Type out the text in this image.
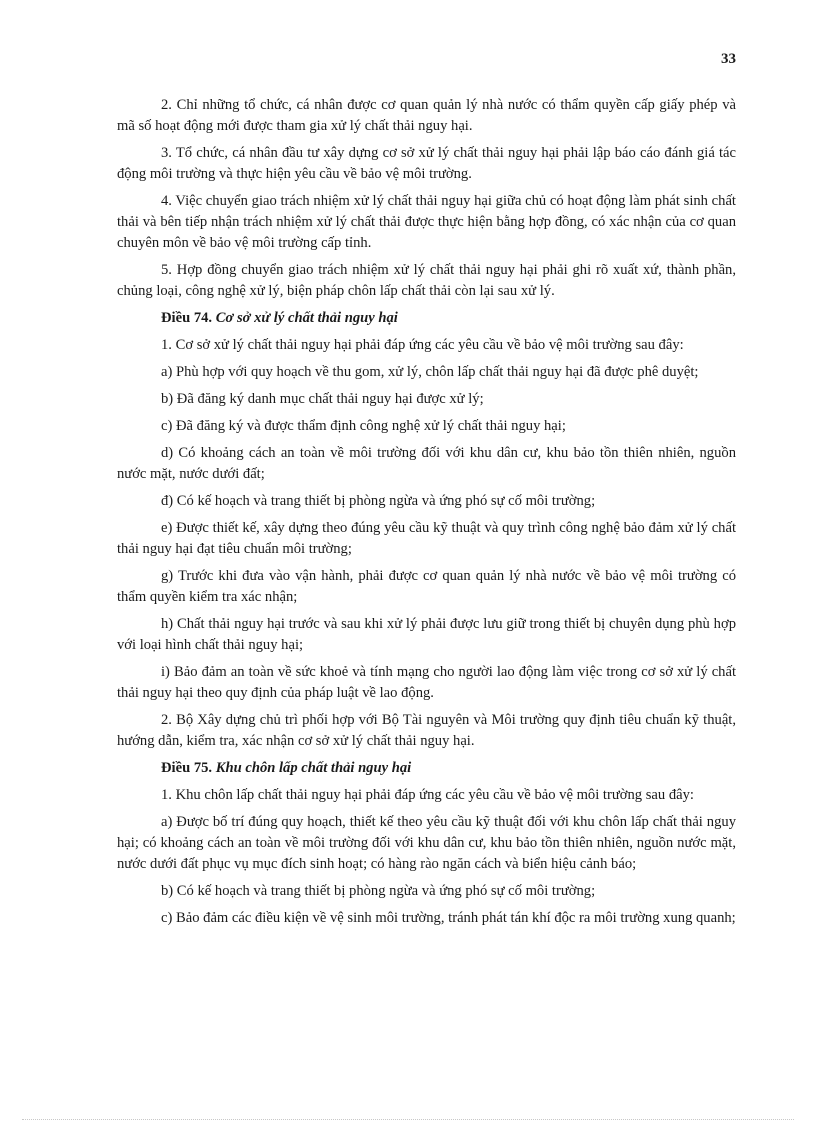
33

2. Chỉ những tổ chức, cá nhân được cơ quan quản lý nhà nước có thẩm quyền cấp giấy phép và mã số hoạt động mới được tham gia xử lý chất thải nguy hại.

3. Tổ chức, cá nhân đầu tư xây dựng cơ sở xử lý chất thải nguy hại phải lập báo cáo đánh giá tác động môi trường và thực hiện yêu cầu về bảo vệ môi trường.

4. Việc chuyển giao trách nhiệm xử lý chất thải nguy hại giữa chủ có hoạt động làm phát sinh chất thải và bên tiếp nhận trách nhiệm xử lý chất thải được thực hiện bằng hợp đồng, có xác nhận của cơ quan chuyên môn về bảo vệ môi trường cấp tỉnh.

5. Hợp đồng chuyển giao trách nhiệm xử lý chất thải nguy hại phải ghi rõ xuất xứ, thành phần, chủng loại, công nghệ xử lý, biện pháp chôn lấp chất thải còn lại sau xử lý.

Điều 74. Cơ sở xử lý chất thải nguy hại

1. Cơ sở xử lý chất thải nguy hại phải đáp ứng các yêu cầu về bảo vệ môi trường sau đây:

a) Phù hợp với quy hoạch về thu gom, xử lý, chôn lấp chất thải nguy hại đã được phê duyệt;

b) Đã đăng ký danh mục chất thải nguy hại được xử lý;

c) Đã đăng ký và được thẩm định công nghệ xử lý chất thải nguy hại;

d) Có khoảng cách an toàn về môi trường đối với khu dân cư, khu bảo tồn thiên nhiên, nguồn nước mặt, nước dưới đất;

đ) Có kế hoạch và trang thiết bị phòng ngừa và ứng phó sự cố môi trường;

e) Được thiết kế, xây dựng theo đúng yêu cầu kỹ thuật và quy trình công nghệ bảo đảm xử lý chất thải nguy hại đạt tiêu chuẩn môi trường;

g) Trước khi đưa vào vận hành, phải được cơ quan quản lý nhà nước về bảo vệ môi trường có thẩm quyền kiểm tra xác nhận;

h) Chất thải nguy hại trước và sau khi xử lý phải được lưu giữ trong thiết bị chuyên dụng phù hợp với loại hình chất thải nguy hại;

i) Bảo đảm an toàn về sức khoẻ và tính mạng cho người lao động làm việc trong cơ sở xử lý chất thải nguy hại theo quy định của pháp luật về lao động.

2. Bộ Xây dựng chủ trì phối hợp với Bộ Tài nguyên và Môi trường quy định tiêu chuẩn kỹ thuật, hướng dẫn, kiểm tra, xác nhận cơ sở xử lý chất thải nguy hại.

Điều 75. Khu chôn lấp chất thải nguy hại

1. Khu chôn lấp chất thải nguy hại phải đáp ứng các yêu cầu về bảo vệ môi trường sau đây:

a) Được bố trí đúng quy hoạch, thiết kế theo yêu cầu kỹ thuật đối với khu chôn lấp chất thải nguy hại; có khoảng cách an toàn về môi trường đối với khu dân cư, khu bảo tồn thiên nhiên, nguồn nước mặt, nước dưới đất phục vụ mục đích sinh hoạt; có hàng rào ngăn cách và biển hiệu cảnh báo;

b) Có kế hoạch và trang thiết bị phòng ngừa và ứng phó sự cố môi trường;

c) Bảo đảm các điều kiện về vệ sinh môi trường, tránh phát tán khí độc ra môi trường xung quanh;
